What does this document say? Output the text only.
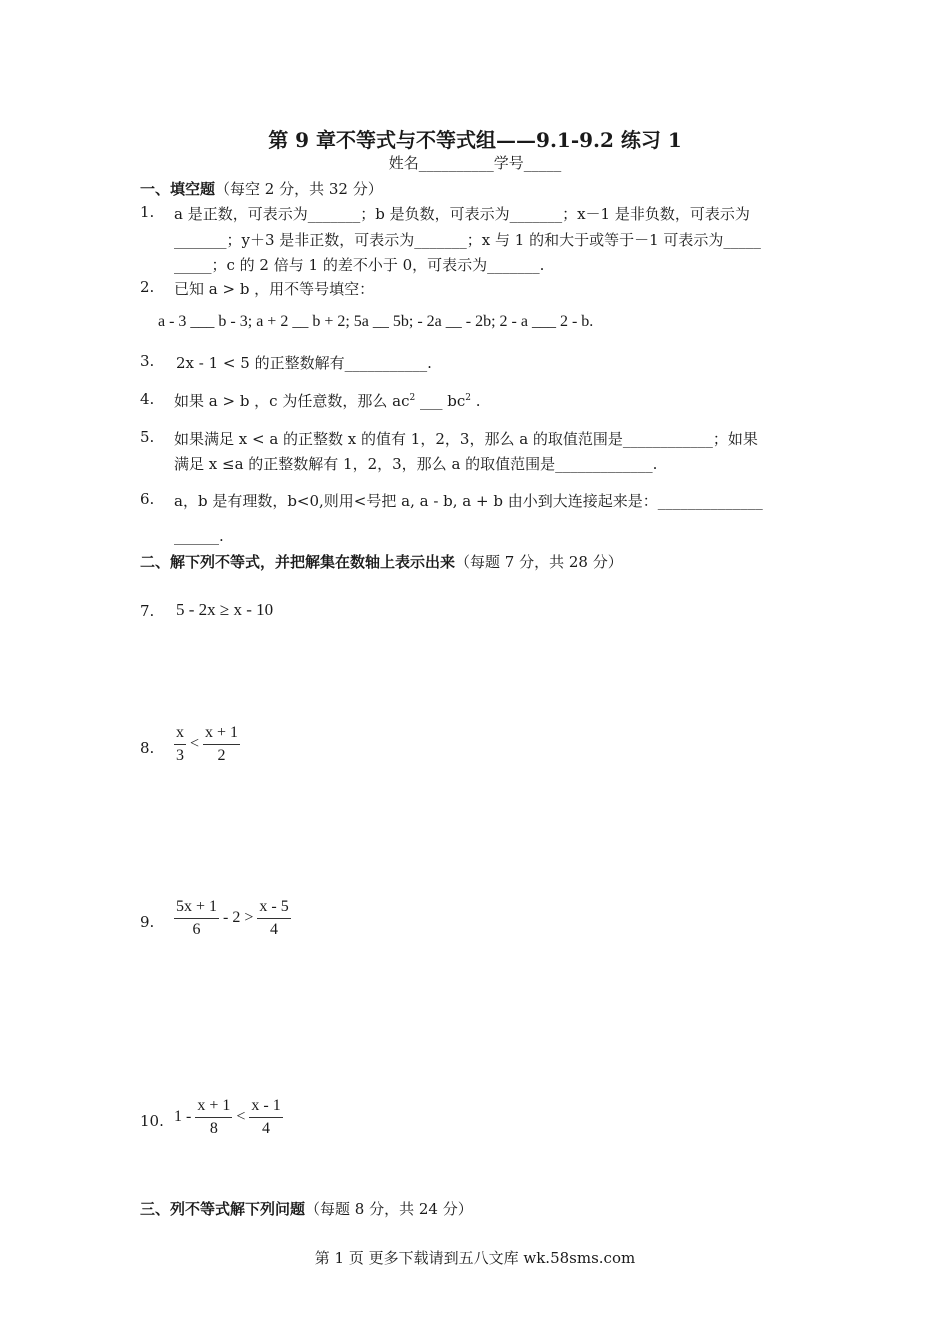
第 9 章不等式与不等式组——9.1-9.2 练习 1
姓名__________学号_____
一、填空题（每空 2 分，共 32 分）
1. a 是正数，可表示为_______；b 是负数，可表示为_______；x－1 是非负数，可表示为
_______；y＋3 是非正数，可表示为_______；x 与 1 的和大于或等于－1 可表示为_____
_____；c 的 2 倍与 1 的差不小于 0，可表示为_______.
2. 已知 a > b ，用不等号填空：
a - 3 ___ b - 3; a + 2 __ b + 2; 5a __ 5b; - 2a __ - 2b; 2 - a ___ 2 - b.
3. 2x - 1 < 5 的正整数解有___________.
4. 如果 a > b ，c 为任意数，那么 $ac^2$ ___ $bc^2$ .
5. 如果满足 x < a 的正整数 x 的值有 1，2，3，那么 a 的取值范围是____________；如果
满足 x ≤a 的正整数解有 1，2，3，那么 a 的取值范围是_____________.
6. a，b 是有理数，b<0,则用<号把 a, a - b, a + b 由小到大连接起来是：______________
______.
二、解下列不等式，并把解集在数轴上表示出来（每题 7 分，共 28 分）
7. 5 - 2x ≥ x - 10
8. $\frac{x}{3} < \frac{x + 1}{2}$
9. $\frac{5x + 1}{6} - 2 > \frac{x - 5}{4}$
10. $1 - \frac{x + 1}{8} < \frac{x - 1}{4}$
三、列不等式解下列问题（每题 8 分，共 24 分）
第 1 页 更多下载请到五八文库 wk.58sms.com
